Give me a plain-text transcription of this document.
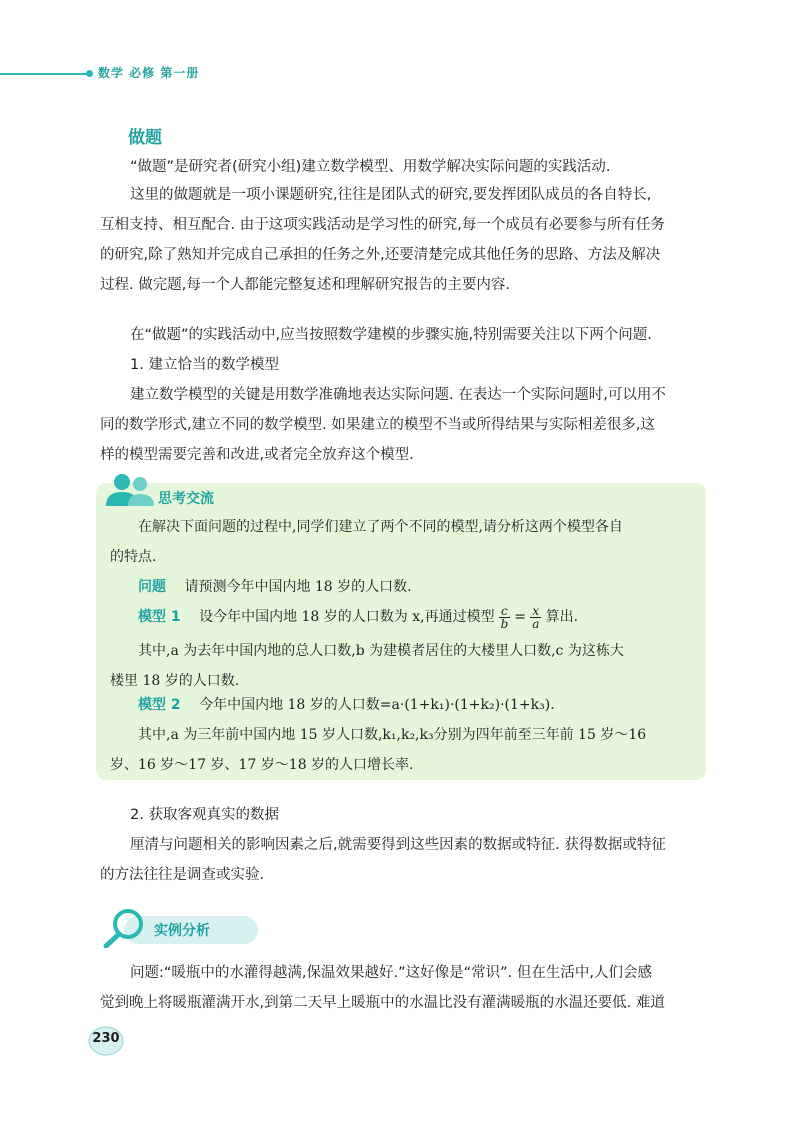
数学 必修 第一册
做题
“做题”是研究者(研究小组)建立数学模型、用数学解决实际问题的实践活动.
这里的做题就是一项小课题研究,往往是团队式的研究,要发挥团队成员的各自特长,
互相支持、相互配合. 由于这项实践活动是学习性的研究,每一个成员有必要参与所有任务
的研究,除了熟知并完成自己承担的任务之外,还要清楚完成其他任务的思路、方法及解决
过程. 做完题,每一个人都能完整复述和理解研究报告的主要内容.
在“做题”的实践活动中,应当按照数学建模的步骤实施,特别需要关注以下两个问题.
1. 建立恰当的数学模型
建立数学模型的关键是用数学准确地表达实际问题. 在表达一个实际问题时,可以用不
同的数学形式,建立不同的数学模型. 如果建立的模型不当或所得结果与实际相差很多,这
样的模型需要完善和改进,或者完全放弃这个模型.
思考交流
在解决下面问题的过程中,同学们建立了两个不同的模型,请分析这两个模型各自
的特点.
问题 请预测今年中国内地 18 岁的人口数.
模型 1 设今年中国内地 18 岁的人口数为 x,再通过模型 $\frac{c}{b} = \frac{x}{a}$ 算出.
其中,a 为去年中国内地的总人口数,b 为建模者居住的大楼里人口数,c 为这栋大
楼里 18 岁的人口数.
模型 2 今年中国内地 18 岁的人口数=a·(1+k₁)·(1+k₂)·(1+k₃).
其中,a 为三年前中国内地 15 岁人口数,k₁,k₂,k₃分别为四年前至三年前 15 岁～16
岁、16 岁～17 岁、17 岁～18 岁的人口增长率.
2. 获取客观真实的数据
厘清与问题相关的影响因素之后,就需要得到这些因素的数据或特征. 获得数据或特征
的方法往往是调查或实验.
实例分析
问题:“暖瓶中的水灌得越满,保温效果越好.”这好像是“常识”. 但在生活中,人们会感
觉到晚上将暖瓶灌满开水,到第二天早上暖瓶中的水温比没有灌满暖瓶的水温还要低. 难道
230
